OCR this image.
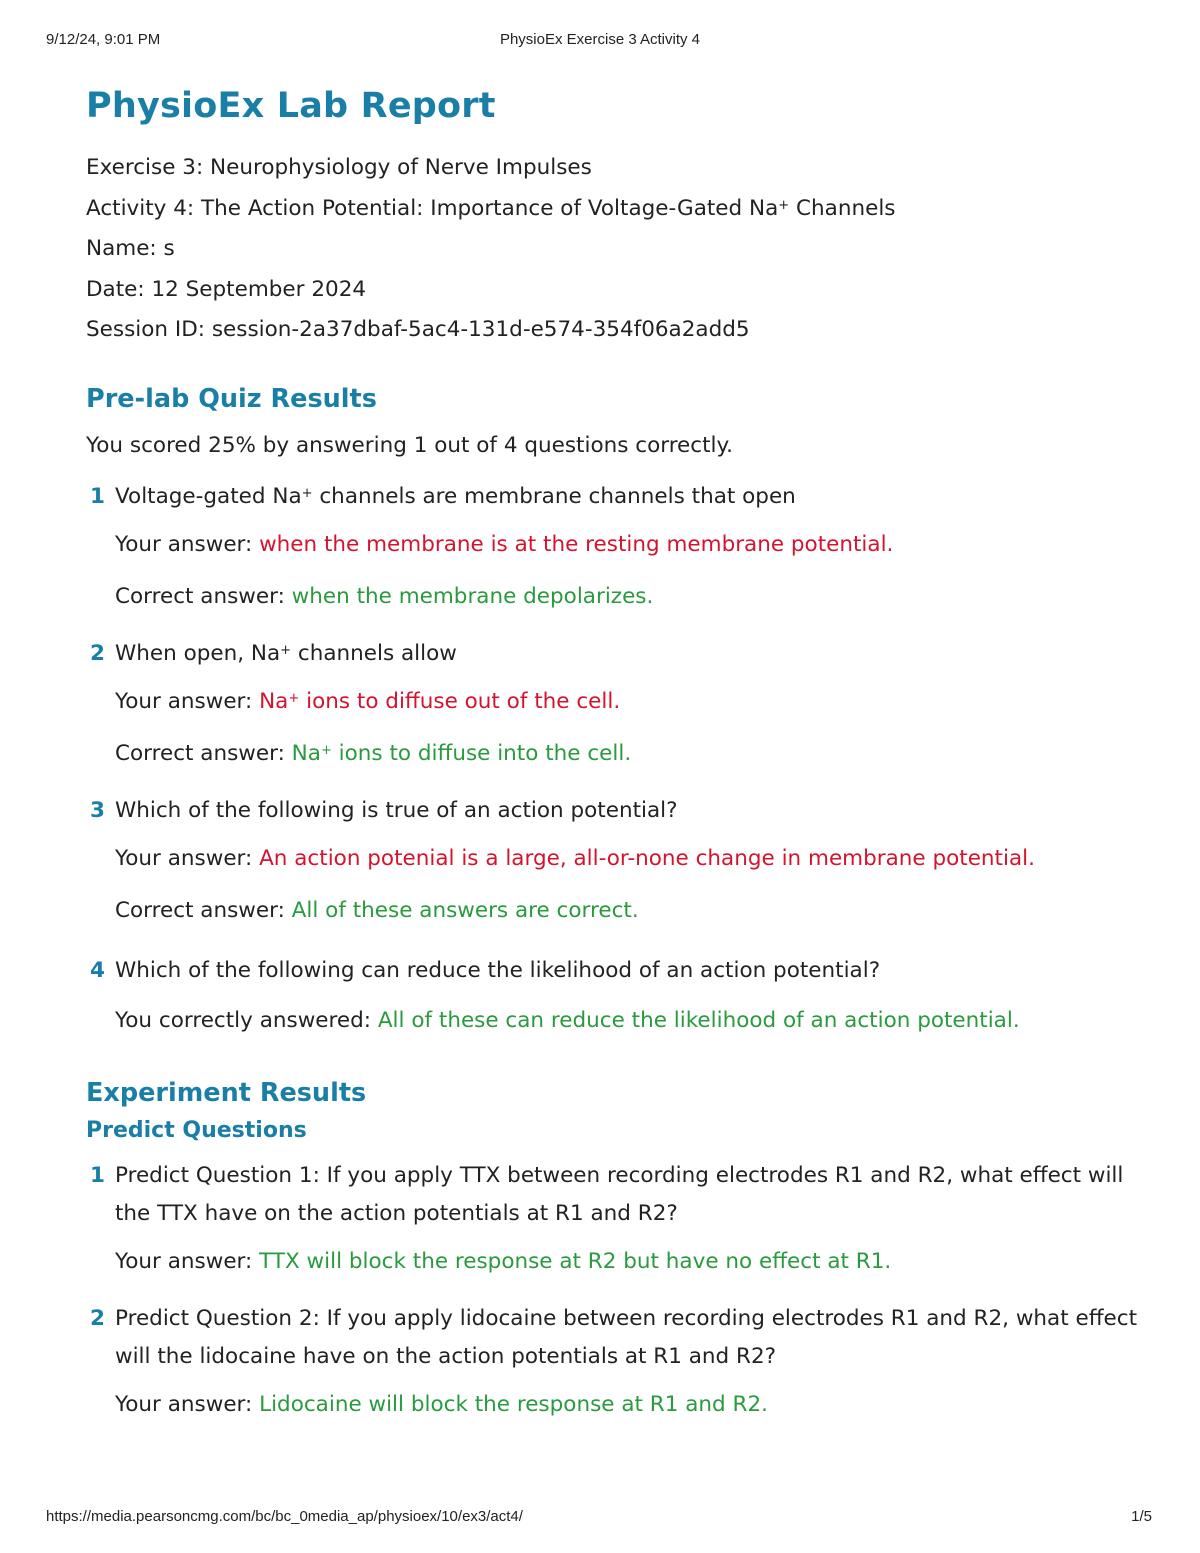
9/12/24, 9:01 PM	PhysioEx Exercise 3 Activity 4
PhysioEx Lab Report
Exercise 3: Neurophysiology of Nerve Impulses
Activity 4: The Action Potential: Importance of Voltage-Gated Na+ Channels
Name: s
Date: 12 September 2024
Session ID: session-2a37dbaf-5ac4-131d-e574-354f06a2add5
Pre-lab Quiz Results
You scored 25% by answering 1 out of 4 questions correctly.
1 Voltage-gated Na+ channels are membrane channels that open
Your answer: when the membrane is at the resting membrane potential.
Correct answer: when the membrane depolarizes.
2 When open, Na+ channels allow
Your answer: Na+ ions to diffuse out of the cell.
Correct answer: Na+ ions to diffuse into the cell.
3 Which of the following is true of an action potential?
Your answer: An action potenial is a large, all-or-none change in membrane potential.
Correct answer: All of these answers are correct.
4 Which of the following can reduce the likelihood of an action potential?
You correctly answered: All of these can reduce the likelihood of an action potential.
Experiment Results
Predict Questions
1 Predict Question 1: If you apply TTX between recording electrodes R1 and R2, what effect will the TTX have on the action potentials at R1 and R2?
Your answer: TTX will block the response at R2 but have no effect at R1.
2 Predict Question 2: If you apply lidocaine between recording electrodes R1 and R2, what effect will the lidocaine have on the action potentials at R1 and R2?
Your answer: Lidocaine will block the response at R1 and R2.
https://media.pearsoncmg.com/bc/bc_0media_ap/physioex/10/ex3/act4/	1/5
